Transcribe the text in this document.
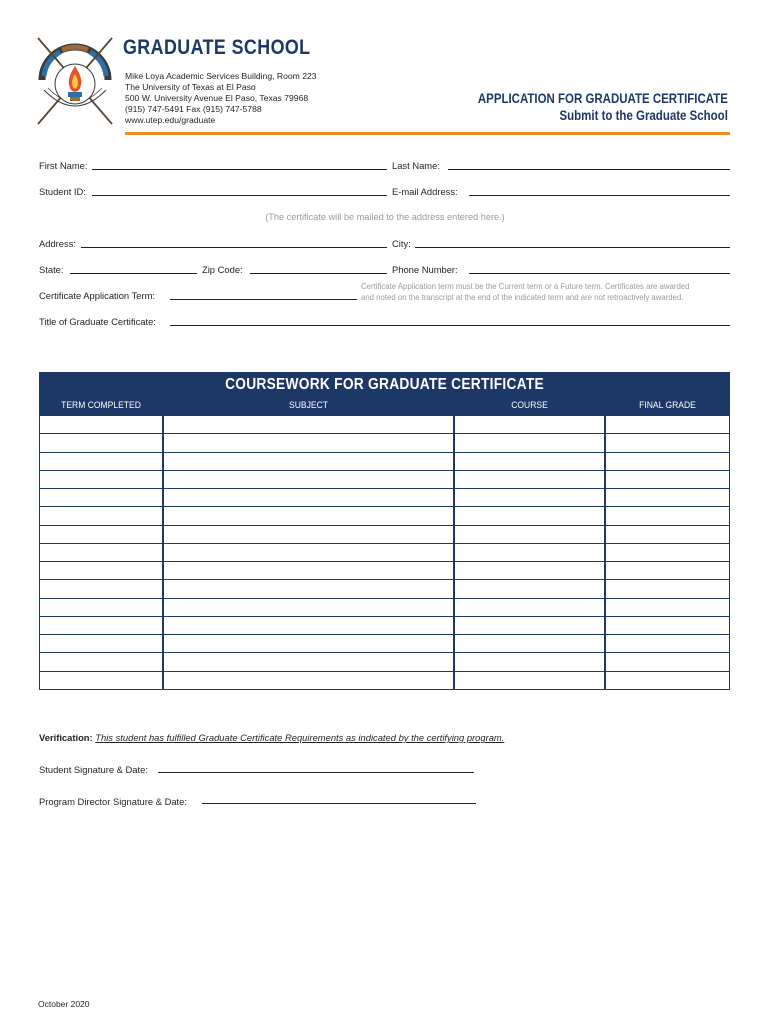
GRADUATE SCHOOL
Mike Loya Academic Services Building, Room 223
The University of Texas at El Paso
500 W. University Avenue El Paso, Texas 79968
(915) 747-5491 Fax (915) 747-5788
www.utep.edu/graduate
APPLICATION FOR GRADUATE CERTIFICATE
Submit to the Graduate School
First Name:	Last Name:
Student ID:	E-mail Address:
(The certificate will be mailed to the address entered here.)
Address:	City:
State:	Zip Code:	Phone Number:
Certificate Application Term:
Certificate Application term must be the Current term or a Future term. Certificates are awarded
and noted on the transcript at the end of the indicated term and are not retroactively awarded.
Title of Graduate Certificate:
COURSEWORK FOR GRADUATE CERTIFICATE
TERM COMPLETED	SUBJECT	COURSE	FINAL GRADE
Verification: This student has fulfilled Graduate Certificate Requirements as indicated by the certifying program.
Student Signature & Date:
Program Director Signature & Date:
October 2020
